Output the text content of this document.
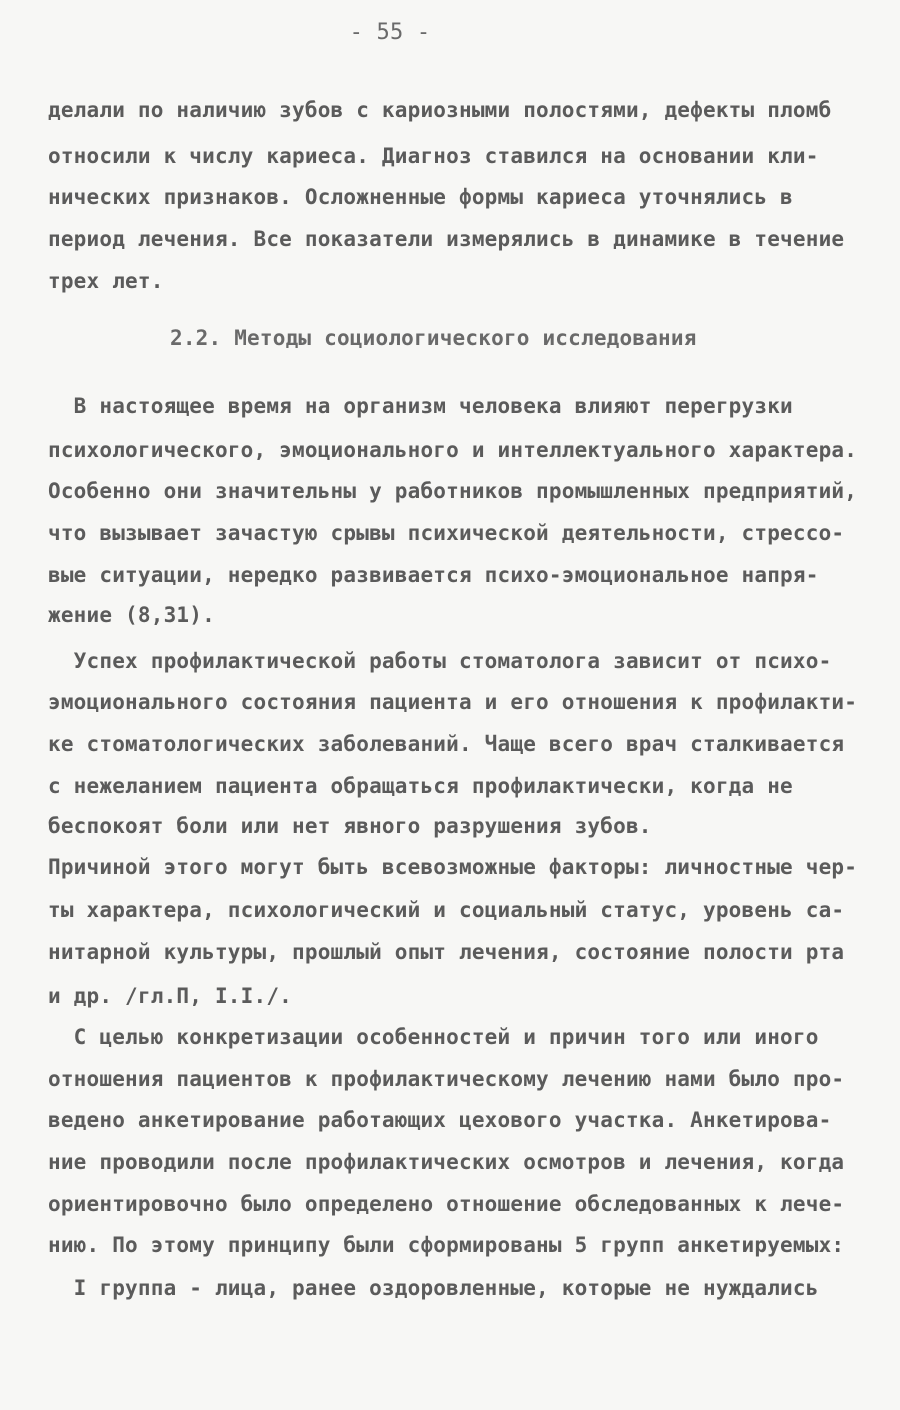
- 55 -
делали по наличию зубов с кариозными полостями, дефекты пломб
относили к числу кариеса. Диагноз ставился на основании кли-
нических признаков. Осложненные формы кариеса уточнялись в
период лечения. Все показатели измерялись в динамике в течение
трех лет.
2.2. Методы социологического исследования
В настоящее время на организм человека влияют перегрузки
психологического, эмоционального и интеллектуального характера.
Особенно они значительны у работников промышленных предприятий,
что вызывает зачастую срывы психической деятельности, стрессо-
вые ситуации, нередко развивается психо-эмоциональное напря-
жение (8,31).
Успех профилактической работы стоматолога зависит от психо-
эмоционального состояния пациента и его отношения к профилакти-
ке стоматологических заболеваний. Чаще всего врач сталкивается
с нежеланием пациента обращаться профилактически, когда не
беспокоят боли или нет явного разрушения зубов.
Причиной этого могут быть всевозможные факторы: личностные чер-
ты характера, психологический и социальный статус, уровень са-
нитарной культуры, прошлый опыт лечения, состояние полости рта
и др. /гл.П, I.I./.
С целью конкретизации особенностей и причин того или иного
отношения пациентов к профилактическому лечению нами было про-
ведено анкетирование работающих цехового участка. Анкетирова-
ние проводили после профилактических осмотров и лечения, когда
ориентировочно было определено отношение обследованных к лече-
нию. По этому принципу были сформированы 5 групп анкетируемых:
I группа - лица, ранее оздоровленные, которые не нуждались
